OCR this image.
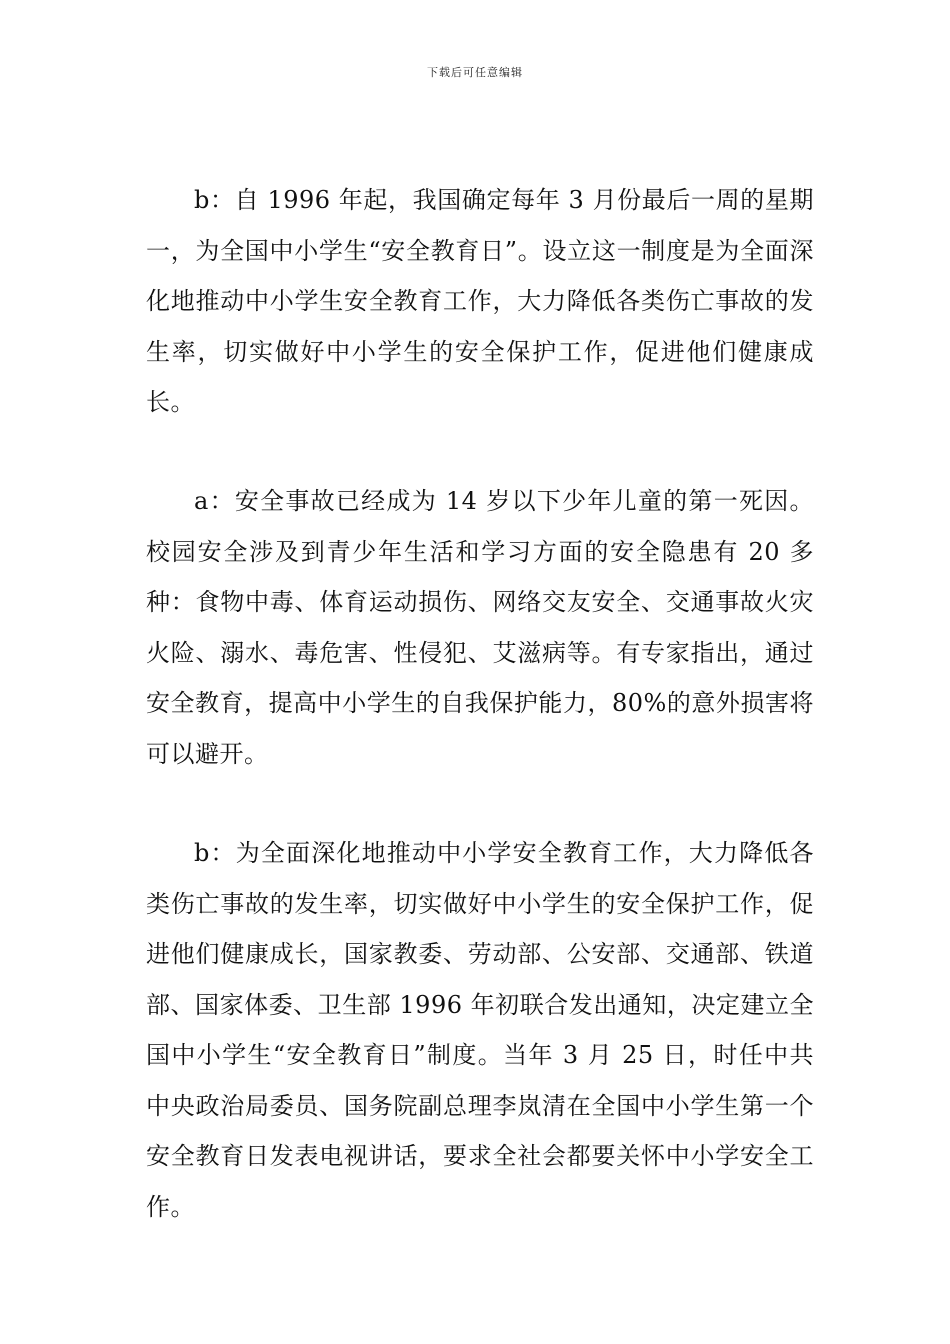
下载后可任意编辑

b：自 1996 年起，我国确定每年 3 月份最后一周的星期一，为全国中小学生“安全教育日”。设立这一制度是为全面深化地推动中小学生安全教育工作，大力降低各类伤亡事故的发生率，切实做好中小学生的安全保护工作，促进他们健康成长。

a：安全事故已经成为 14 岁以下少年儿童的第一死因。校园安全涉及到青少年生活和学习方面的安全隐患有 20 多种：食物中毒、体育运动损伤、网络交友安全、交通事故火灾火险、溺水、毒危害、性侵犯、艾滋病等。有专家指出，通过安全教育，提高中小学生的自我保护能力，80%的意外损害将可以避开。

b：为全面深化地推动中小学安全教育工作，大力降低各类伤亡事故的发生率，切实做好中小学生的安全保护工作，促进他们健康成长，国家教委、劳动部、公安部、交通部、铁道部、国家体委、卫生部 1996 年初联合发出通知，决定建立全国中小学生“安全教育日”制度。当年 3 月 25 日，时任中共中央政治局委员、国务院副总理李岚清在全国中小学生第一个安全教育日发表电视讲话，要求全社会都要关怀中小学安全工作。
